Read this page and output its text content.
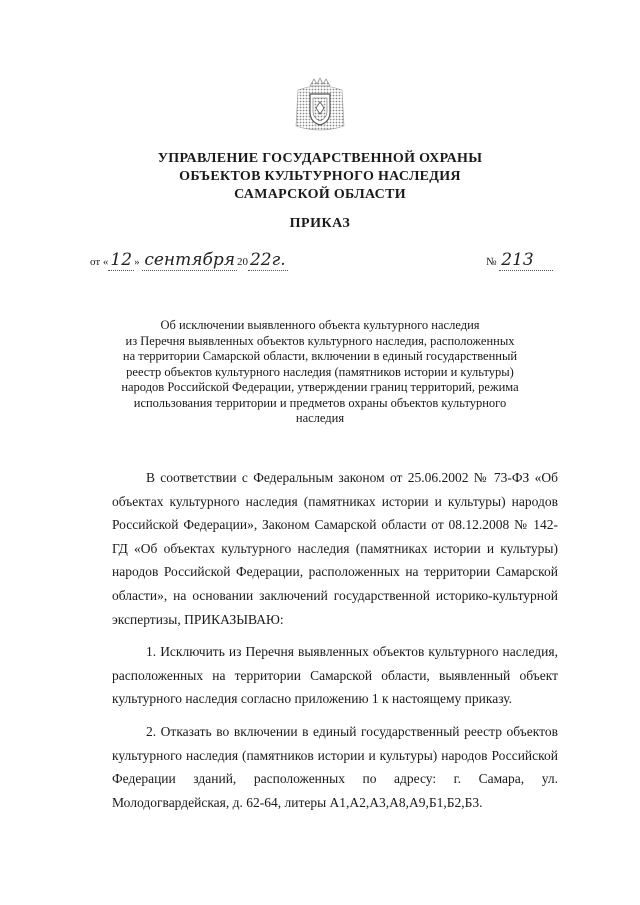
УПРАВЛЕНИЕ ГОСУДАРСТВЕННОЙ ОХРАНЫ
ОБЪЕКТОВ КУЛЬТУРНОГО НАСЛЕДИЯ
САМАРСКОЙ ОБЛАСТИ
ПРИКАЗ
от « 12 » сентября 20 22г.	№ 213
Об исключении выявленного объекта культурного наследия
из Перечня выявленных объектов культурного наследия, расположенных
на территории Самарской области, включении в единый государственный
реестр объектов культурного наследия (памятников истории и культуры)
народов Российской Федерации, утверждении границ территорий, режима
использования территории и предметов охраны объектов культурного
наследия

В соответствии с Федеральным законом от 25.06.2002 № 73-ФЗ «Об объектах культурного наследия (памятниках истории и культуры) народов Российской Федерации», Законом Самарской области от 08.12.2008 № 142-ГД «Об объектах культурного наследия (памятниках истории и культуры) народов Российской Федерации, расположенных на территории Самарской области», на основании заключений государственной историко-культурной экспертизы, ПРИКАЗЫВАЮ:

1. Исключить из Перечня выявленных объектов культурного наследия, расположенных на территории Самарской области, выявленный объект культурного наследия согласно приложению 1 к настоящему приказу.

2. Отказать во включении в единый государственный реестр объектов культурного наследия (памятников истории и культуры) народов Российской Федерации зданий, расположенных по адресу: г. Самара, ул. Молодогвардейская, д. 62-64, литеры А1,А2,А3,А8,А9,Б1,Б2,Б3.
